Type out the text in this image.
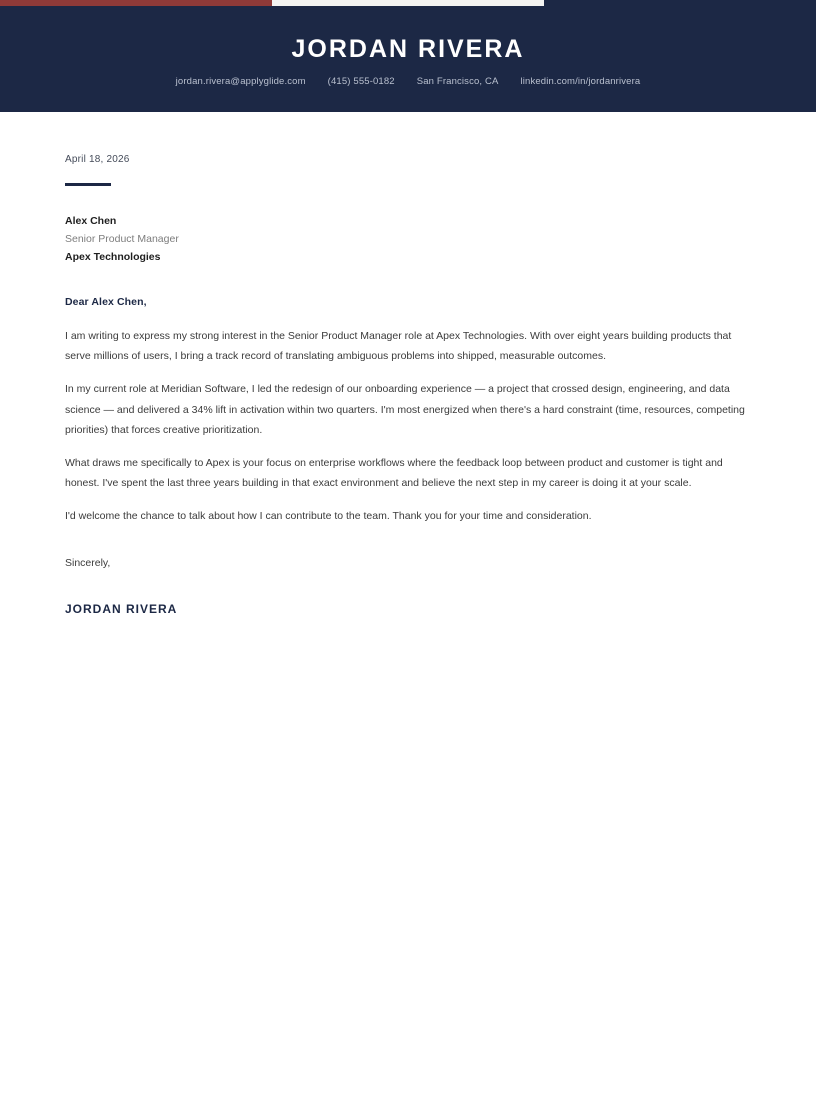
JORDAN RIVERA
jordan.rivera@applyglide.com (415) 555-0182 San Francisco, CA linkedin.com/in/jordanrivera

April 18, 2026

Alex Chen

Senior Product Manager

Apex Technologies

Dear Alex Chen,

I am writing to express my strong interest in the Senior Product Manager role at Apex Technologies. With over eight years building products that serve millions of users, I bring a track record of translating ambiguous problems into shipped, measurable outcomes.

In my current role at Meridian Software, I led the redesign of our onboarding experience — a project that crossed design, engineering, and data science — and delivered a 34% lift in activation within two quarters. I'm most energized when there's a hard constraint (time, resources, competing priorities) that forces creative prioritization.

What draws me specifically to Apex is your focus on enterprise workflows where the feedback loop between product and customer is tight and honest. I've spent the last three years building in that exact environment and believe the next step in my career is doing it at your scale.

I'd welcome the chance to talk about how I can contribute to the team. Thank you for your time and consideration.

Sincerely,

JORDAN RIVERA
